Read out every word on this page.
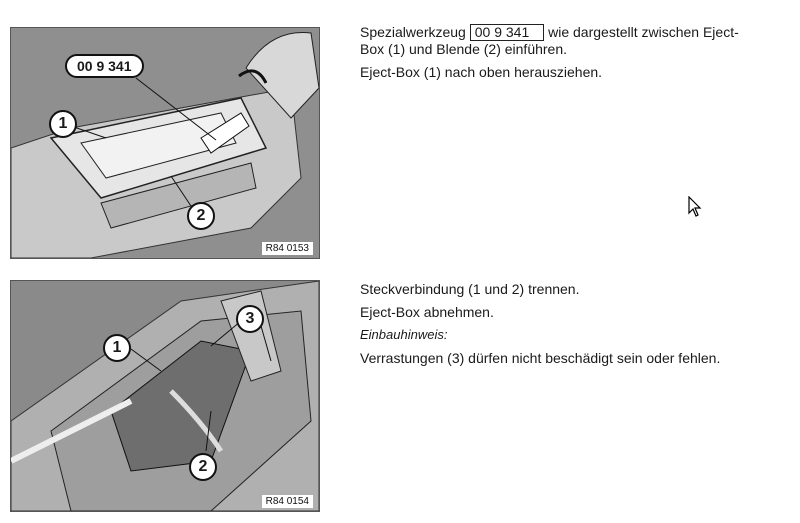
00 9 341
1
2
R84 0153
1
3
2
R84 0154

Spezialwerkzeug 00 9 341 wie dargestellt zwischen Eject-
Box (1) und Blende (2) einführen.

Eject-Box (1) nach oben herausziehen.

Steckverbindung (1 und 2) trennen.

Eject-Box abnehmen.

Einbauhinweis:

Verrastungen (3) dürfen nicht beschädigt sein oder fehlen.
